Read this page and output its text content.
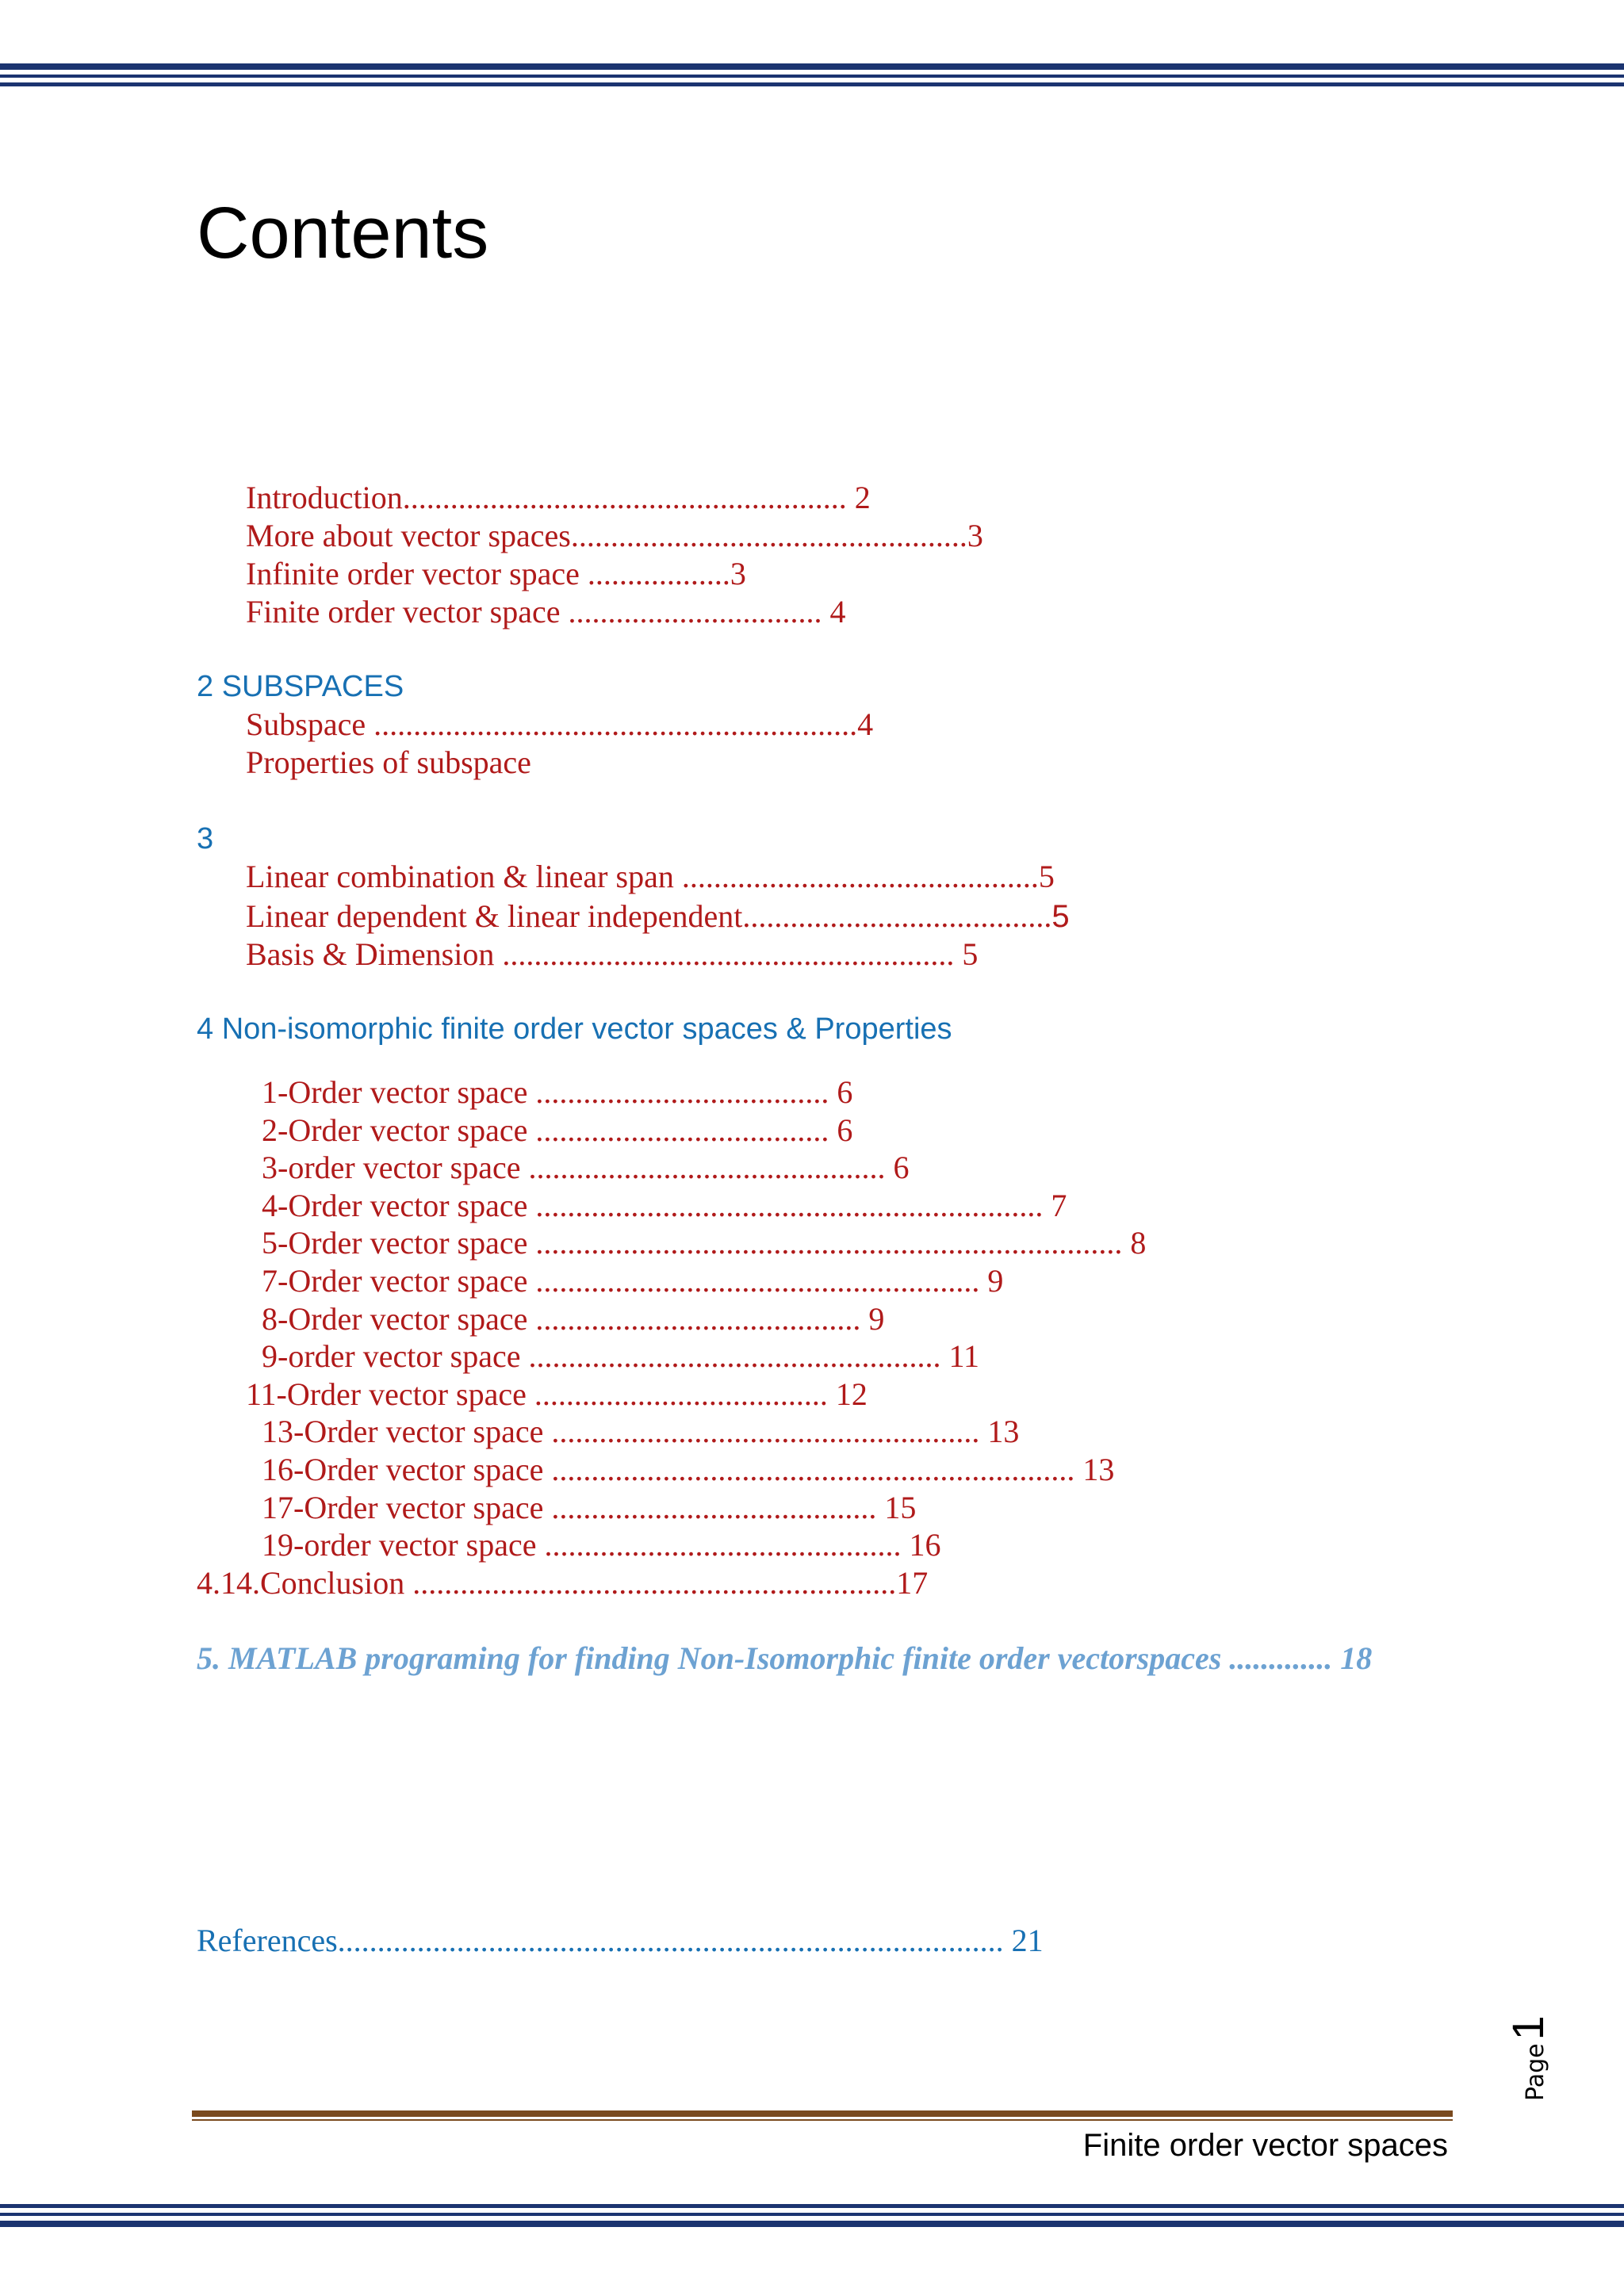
Contents
Introduction........................................................ 2
More about vector spaces..................................................3
Infinite order vector space ..................3
Finite order vector space ................................ 4
2 SUBSPACES
Subspace .............................................................4
Properties of subspace
3
Linear combination & linear span .............................................5
Linear dependent & linear independent.......................................5
Basis & Dimension ......................................................... 5
4 Non-isomorphic finite order vector spaces & Properties
1-Order vector space ..................................... 6
2-Order vector space ..................................... 6
3-order vector space ............................................. 6
4-Order vector space ................................................................ 7
5-Order vector space .......................................................................... 8
7-Order vector space ........................................................ 9
8-Order vector space ......................................... 9
9-order vector space .................................................... 11
11-Order vector space ..................................... 12
13-Order vector space ...................................................... 13
16-Order vector space .................................................................. 13
17-Order vector space ......................................... 15
19-order vector space ............................................. 16
4.14.Conclusion .............................................................17
5. MATLAB programing for finding Non-Isomorphic finite order vectorspaces ............. 18
References.................................................................................... 21
Page1
Finite order vector spaces
